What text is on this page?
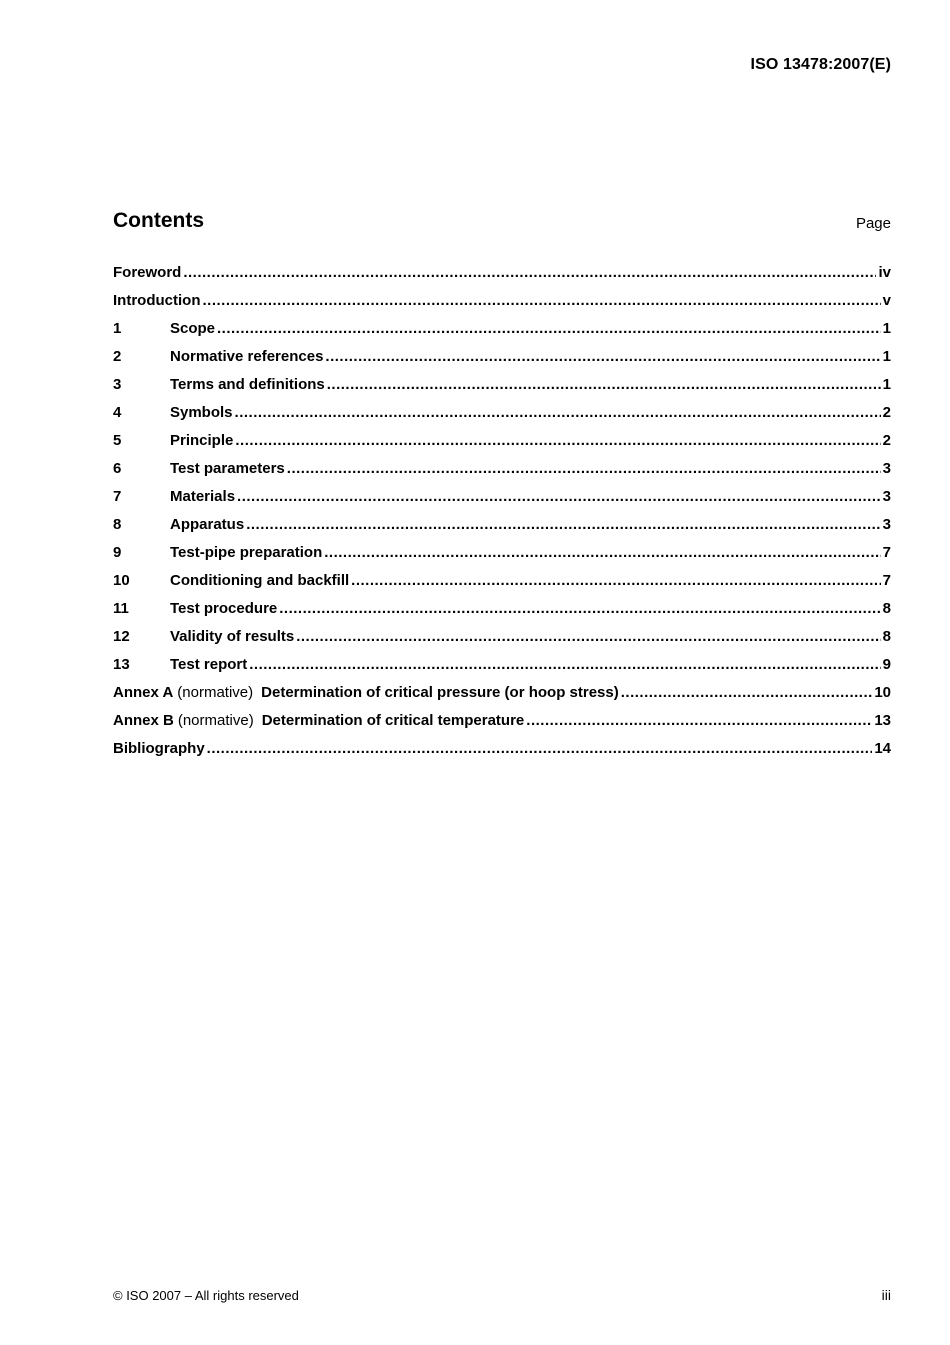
ISO 13478:2007(E)
Contents	Page
Foreword .....	iv
Introduction .....	v
1	Scope .....	1
2	Normative references .....	1
3	Terms and definitions .....	1
4	Symbols .....	2
5	Principle .....	2
6	Test parameters .....	3
7	Materials .....	3
8	Apparatus .....	3
9	Test-pipe preparation .....	7
10	Conditioning and backfill .....	7
11	Test procedure .....	8
12	Validity of results .....	8
13	Test report .....	9
Annex A (normative) Determination of critical pressure (or hoop stress) .....	10
Annex B (normative) Determination of critical temperature .....	13
Bibliography .....	14
© ISO 2007 – All rights reserved	iii
